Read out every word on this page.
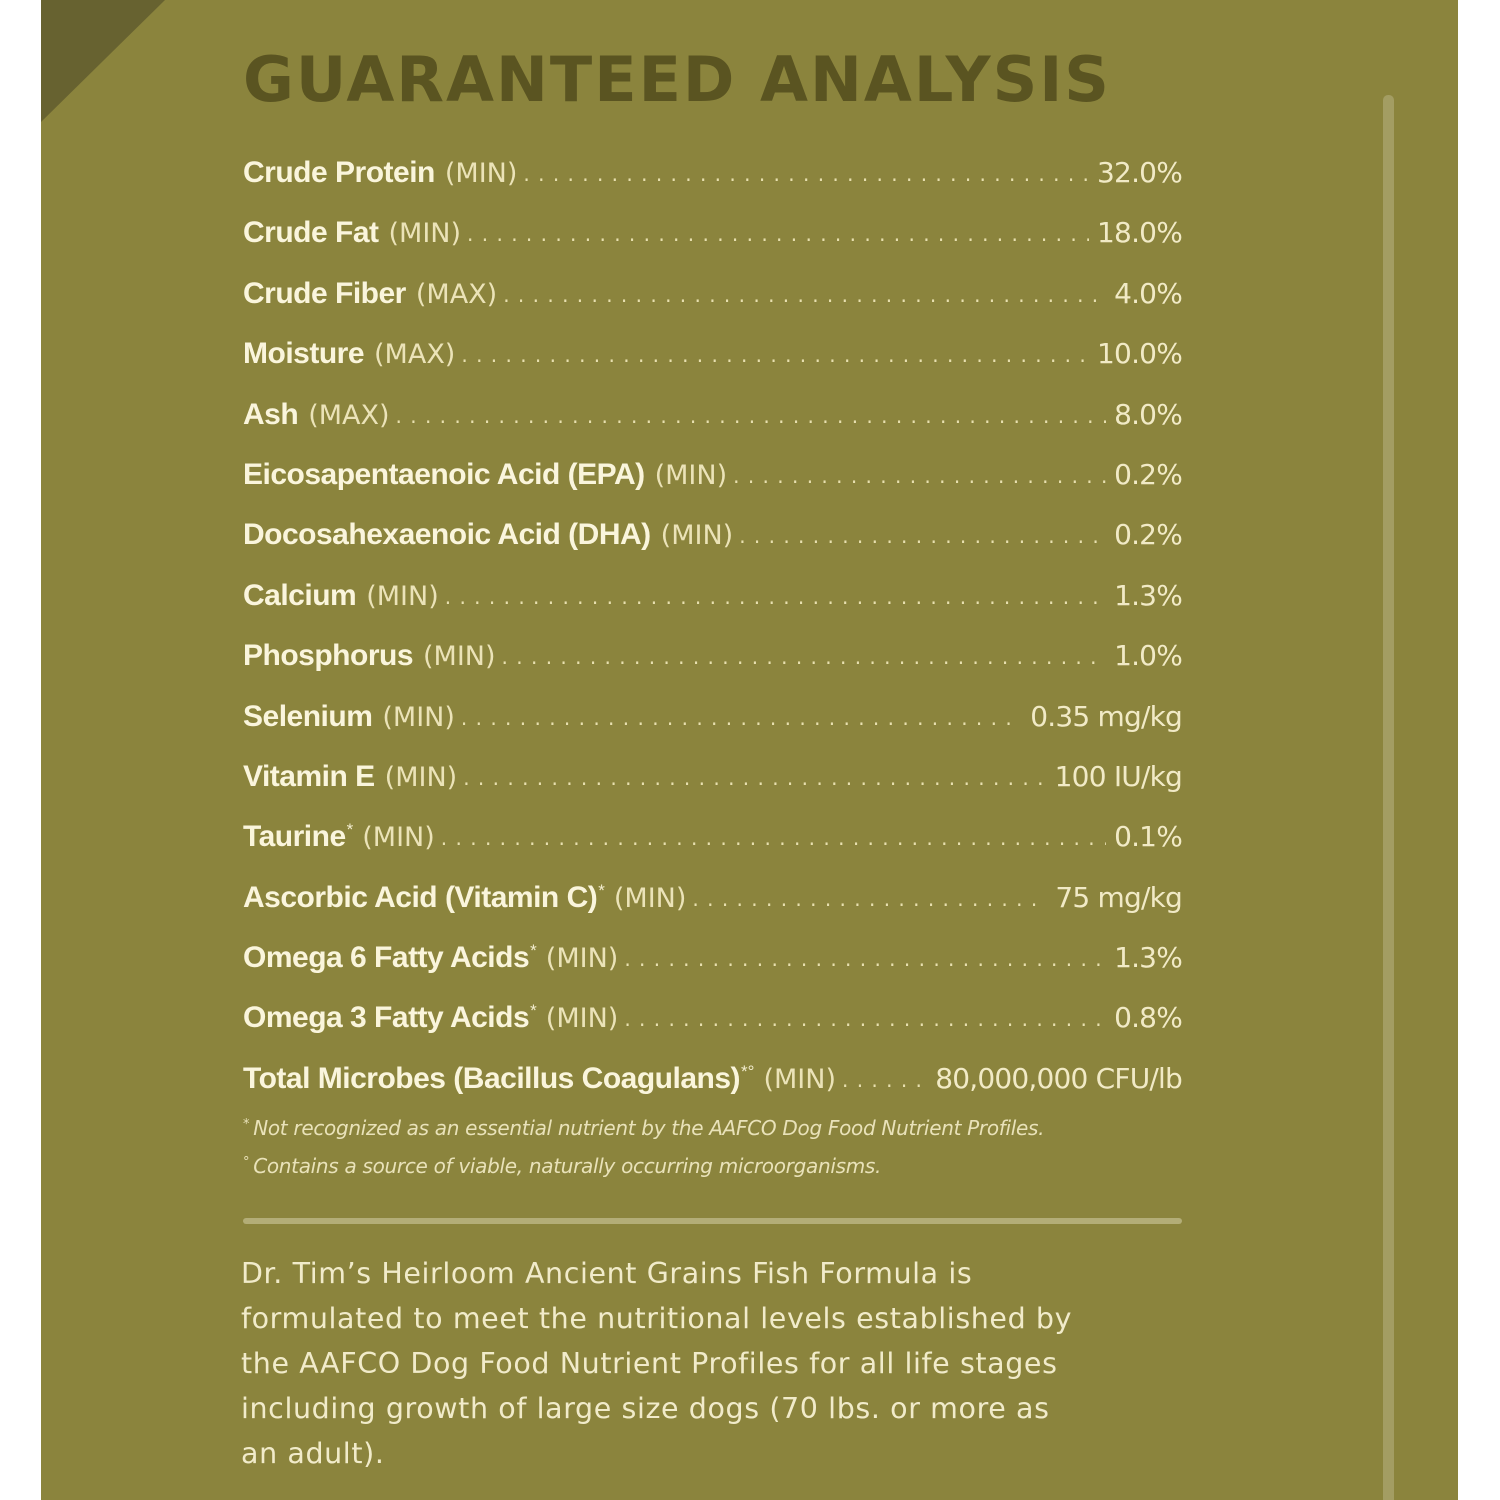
GUARANTEED ANALYSIS
Crude Protein (MIN) . . .	32.0%
Crude Fat (MIN) . . .	18.0%
Crude Fiber (MAX) . . .	4.0%
Moisture (MAX) . . .	10.0%
Ash (MAX) . . .	8.0%
Eicosapentaenoic Acid (EPA) (MIN) . . .	0.2%
Docosahexaenoic Acid (DHA) (MIN) . . .	0.2%
Calcium (MIN) . . .	1.3%
Phosphorus (MIN) . . .	1.0%
Selenium (MIN) . . .	0.35 mg/kg
Vitamin E (MIN) . . .	100 IU/kg
Taurine * (MIN) . . .	0.1%
Ascorbic Acid (Vitamin C) * (MIN) . . .	75 mg/kg
Omega 6 Fatty Acids * (MIN) . . .	1.3%
Omega 3 Fatty Acids * (MIN) . . .	0.8%
Total Microbes (Bacillus Coagulans) *° (MIN) . . .	80,000,000 CFU/lb
* Not recognized as an essential nutrient by the AAFCO Dog Food Nutrient Profiles.
° Contains a source of viable, naturally occurring microorganisms.

Dr. Tim’s Heirloom Ancient Grains Fish Formula is
formulated to meet the nutritional levels established by
the AAFCO Dog Food Nutrient Profiles for all life stages
including growth of large size dogs (70 lbs. or more as
an adult).
